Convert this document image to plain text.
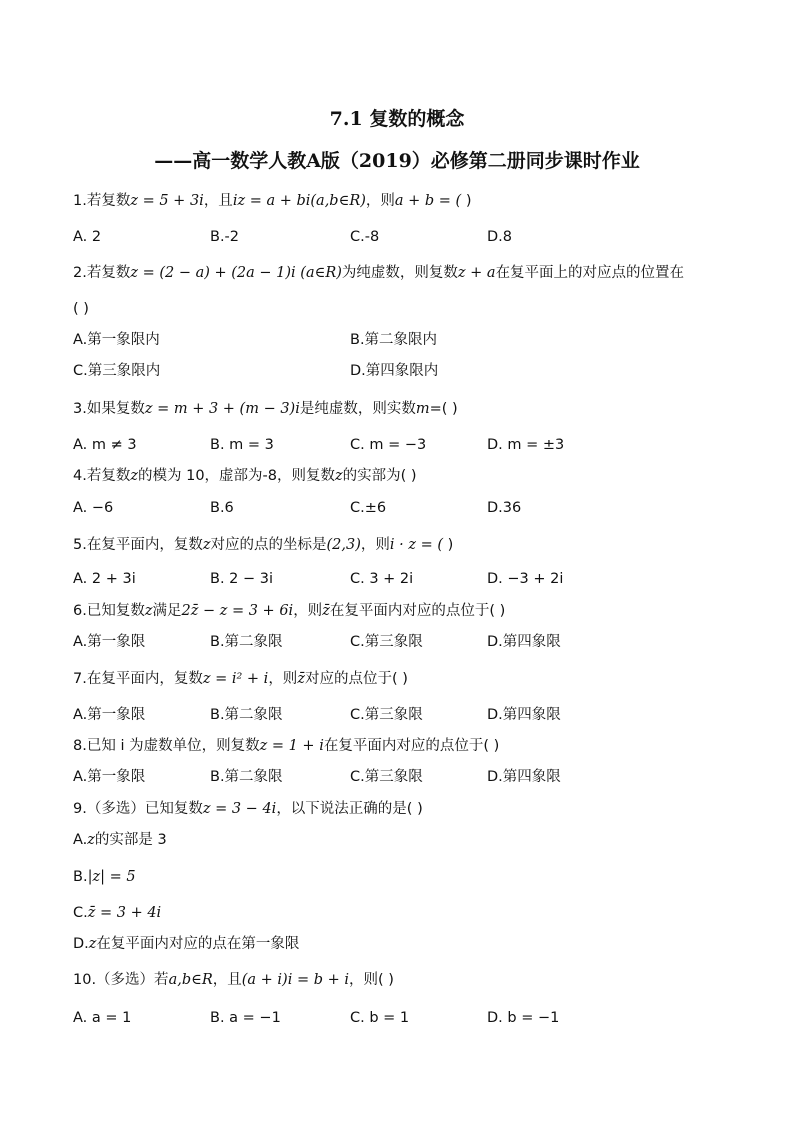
7.1 复数的概念
——高一数学人教A版（2019）必修第二册同步课时作业
1.若复数z = 5 + 3i，且iz = a + bi(a,b∈R)，则a + b = ( )
A. 2	B.-2	C.-8	D.8
2.若复数z = (2 − a) + (2a − 1)i (a∈R)为纯虚数，则复数z + a在复平面上的对应点的位置在
( )
A.第一象限内	B.第二象限内
C.第三象限内	D.第四象限内
3.如果复数z = m + 3 + (m − 3)i是纯虚数，则实数m=( )
A. m ≠ 3	B. m = 3	C. m = −3	D. m = ±3
4.若复数z的模为 10，虚部为-8，则复数z的实部为( )
A. −6	B.6	C.±6	D.36
5.在复平面内，复数z对应的点的坐标是(2,3)，则i · z = ( )
A. 2 + 3i	B. 2 − 3i	C. 3 + 2i	D. −3 + 2i
6.已知复数z满足2z̄ − z = 3 + 6i，则z̄在复平面内对应的点位于( )
A.第一象限	B.第二象限	C.第三象限	D.第四象限
7.在复平面内，复数z = i² + i，则z̄对应的点位于( )
A.第一象限	B.第二象限	C.第三象限	D.第四象限
8.已知 i 为虚数单位，则复数z = 1 + i在复平面内对应的点位于( )
A.第一象限	B.第二象限	C.第三象限	D.第四象限
9.（多选）已知复数z = 3 − 4i，以下说法正确的是( )
A.z的实部是 3
B.|z| = 5
C.z̄ = 3 + 4i
D.z在复平面内对应的点在第一象限
10.（多选）若a,b∈R，且(a + i)i = b + i，则( )
A. a = 1	B. a = −1	C. b = 1	D. b = −1
